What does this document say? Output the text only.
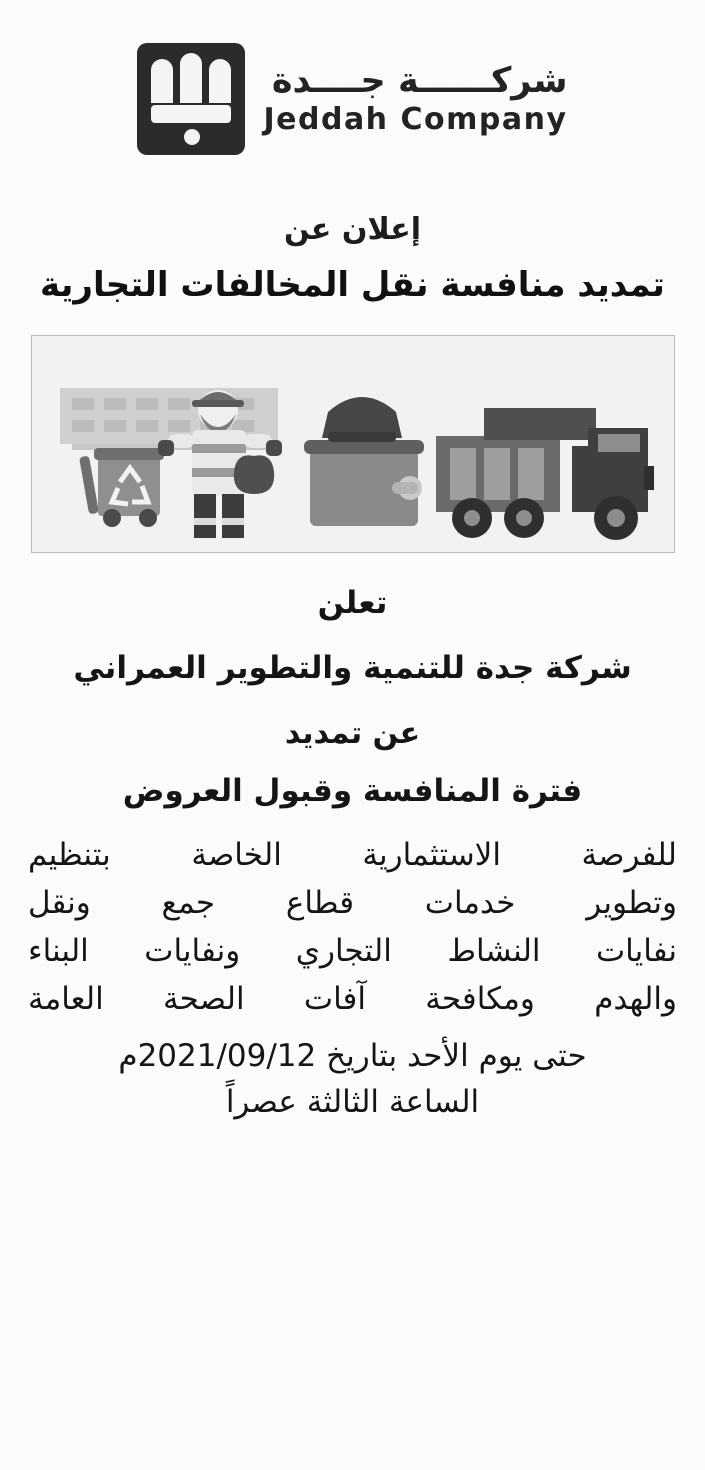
شركــــــة جــــدة
Jeddah Company
إعلان عن
تمديد منافسة نقل المخالفات التجارية
تعلن
شركة جدة للتنمية والتطوير العمراني
عن تمديد
فترة المنافسة وقبول العروض
للفرصة الاستثمارية الخاصة بتنظيم
وتطوير خدمات قطاع جمع ونقل
نفايات النشاط التجاري ونفايات البناء
والهدم ومكافحة آفات الصحة العامة
حتى يوم الأحد بتاريخ 2021/09/12م
الساعة الثالثة عصراً
